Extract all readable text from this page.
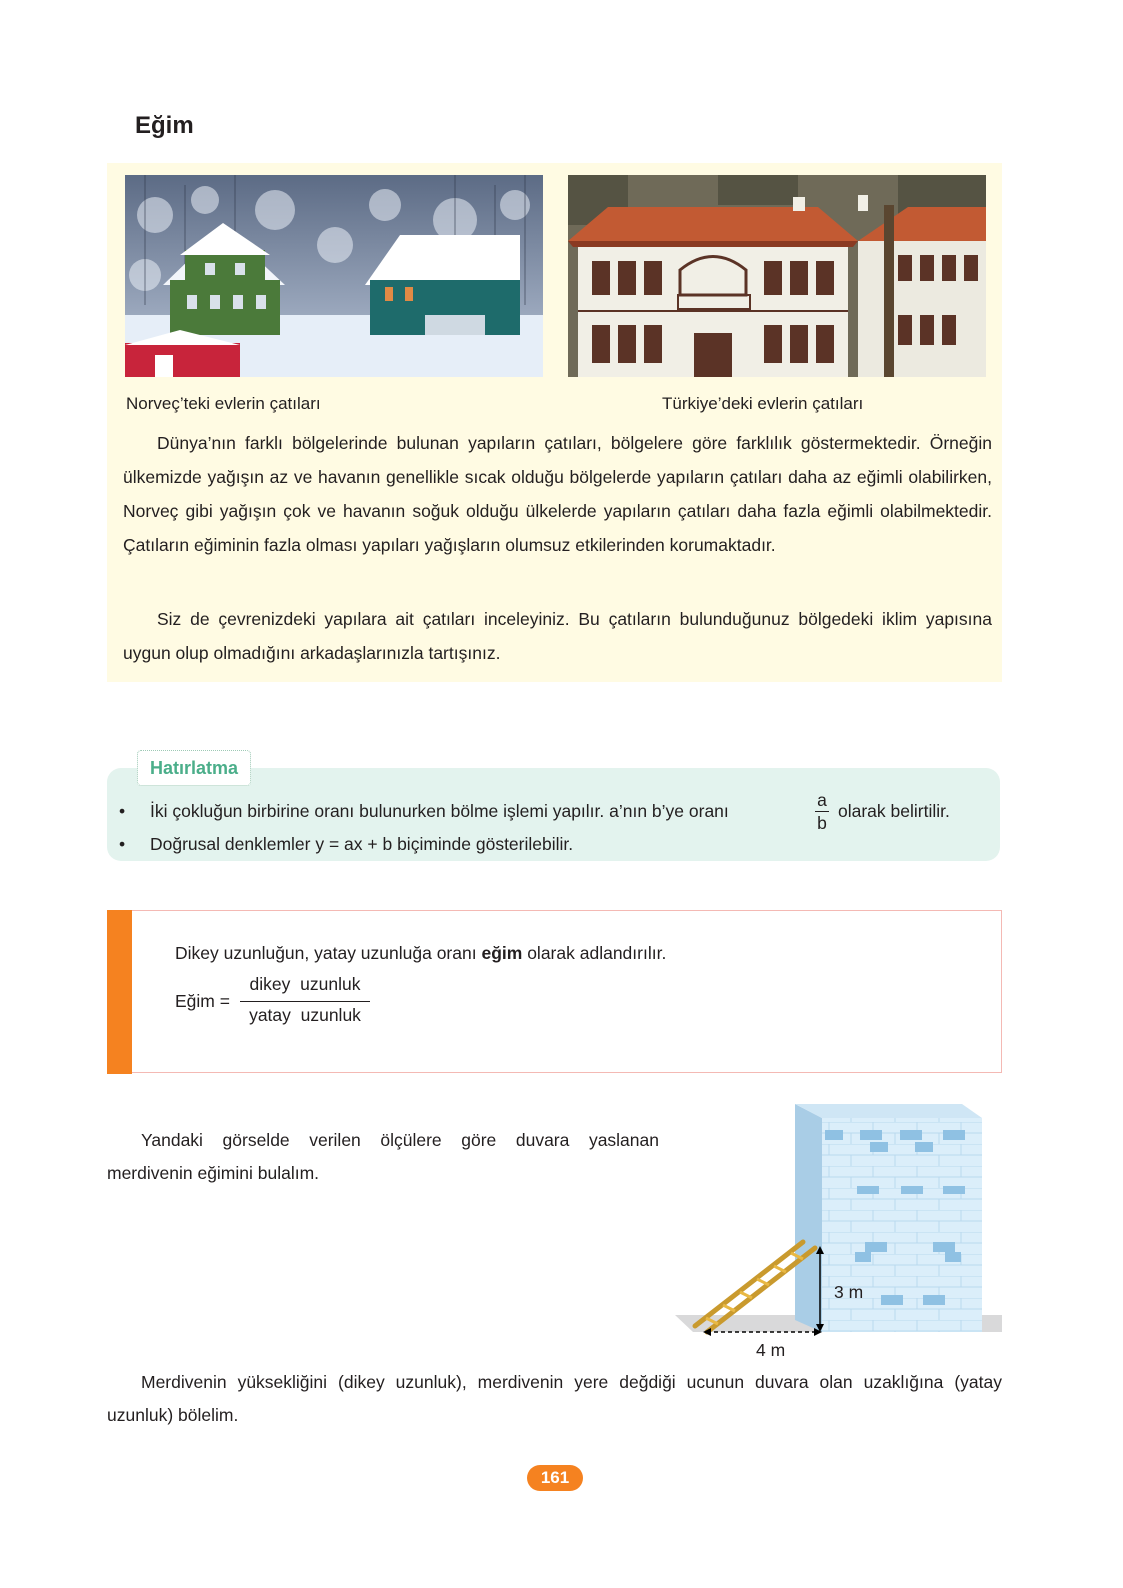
Eğim
Norveç’teki evlerin çatıları	Türkiye’deki evlerin çatıları

Dünya’nın farklı bölgelerinde bulunan yapıların çatıları, bölgelere göre farklılık göstermektedir. Örneğin ülkemizde yağışın az ve havanın genellikle sıcak olduğu bölgelerde yapıların çatıları daha az eğimli olabilirken, Norveç gibi yağışın çok ve havanın soğuk olduğu ülkelerde yapıların çatıları daha fazla eğimli olabilmektedir. Çatıların eğiminin fazla olması yapıları yağışların olumsuz etkilerinden korumaktadır.

Siz de çevrenizdeki yapılara ait çatıları inceleyiniz. Bu çatıların bulunduğunuz bölgedeki iklim yapısına uygun olup olmadığını arkadaşlarınızla tartışınız.

Hatırlatma
• İki çokluğun birbirine oranı bulunurken bölme işlemi yapılır. a’nın b’ye oranı
a
b
olarak belirtilir.
• Doğrusal denklemler y = ax + b biçiminde gösterilebilir.
Dikey uzunluğun, yatay uzunluğa oranı eğim olarak adlandırılır.
Eğim =
dikey  uzunluk
yatay  uzunluk
Yandaki görselde verilen ölçülere göre duvara yaslanan merdivenin eğimini bulalım.
3 m
4 m
Merdivenin yüksekliğini (dikey uzunluk), merdivenin yere değdiği ucunun duvara olan uzaklığına (yatay uzunluk) bölelim.
161
